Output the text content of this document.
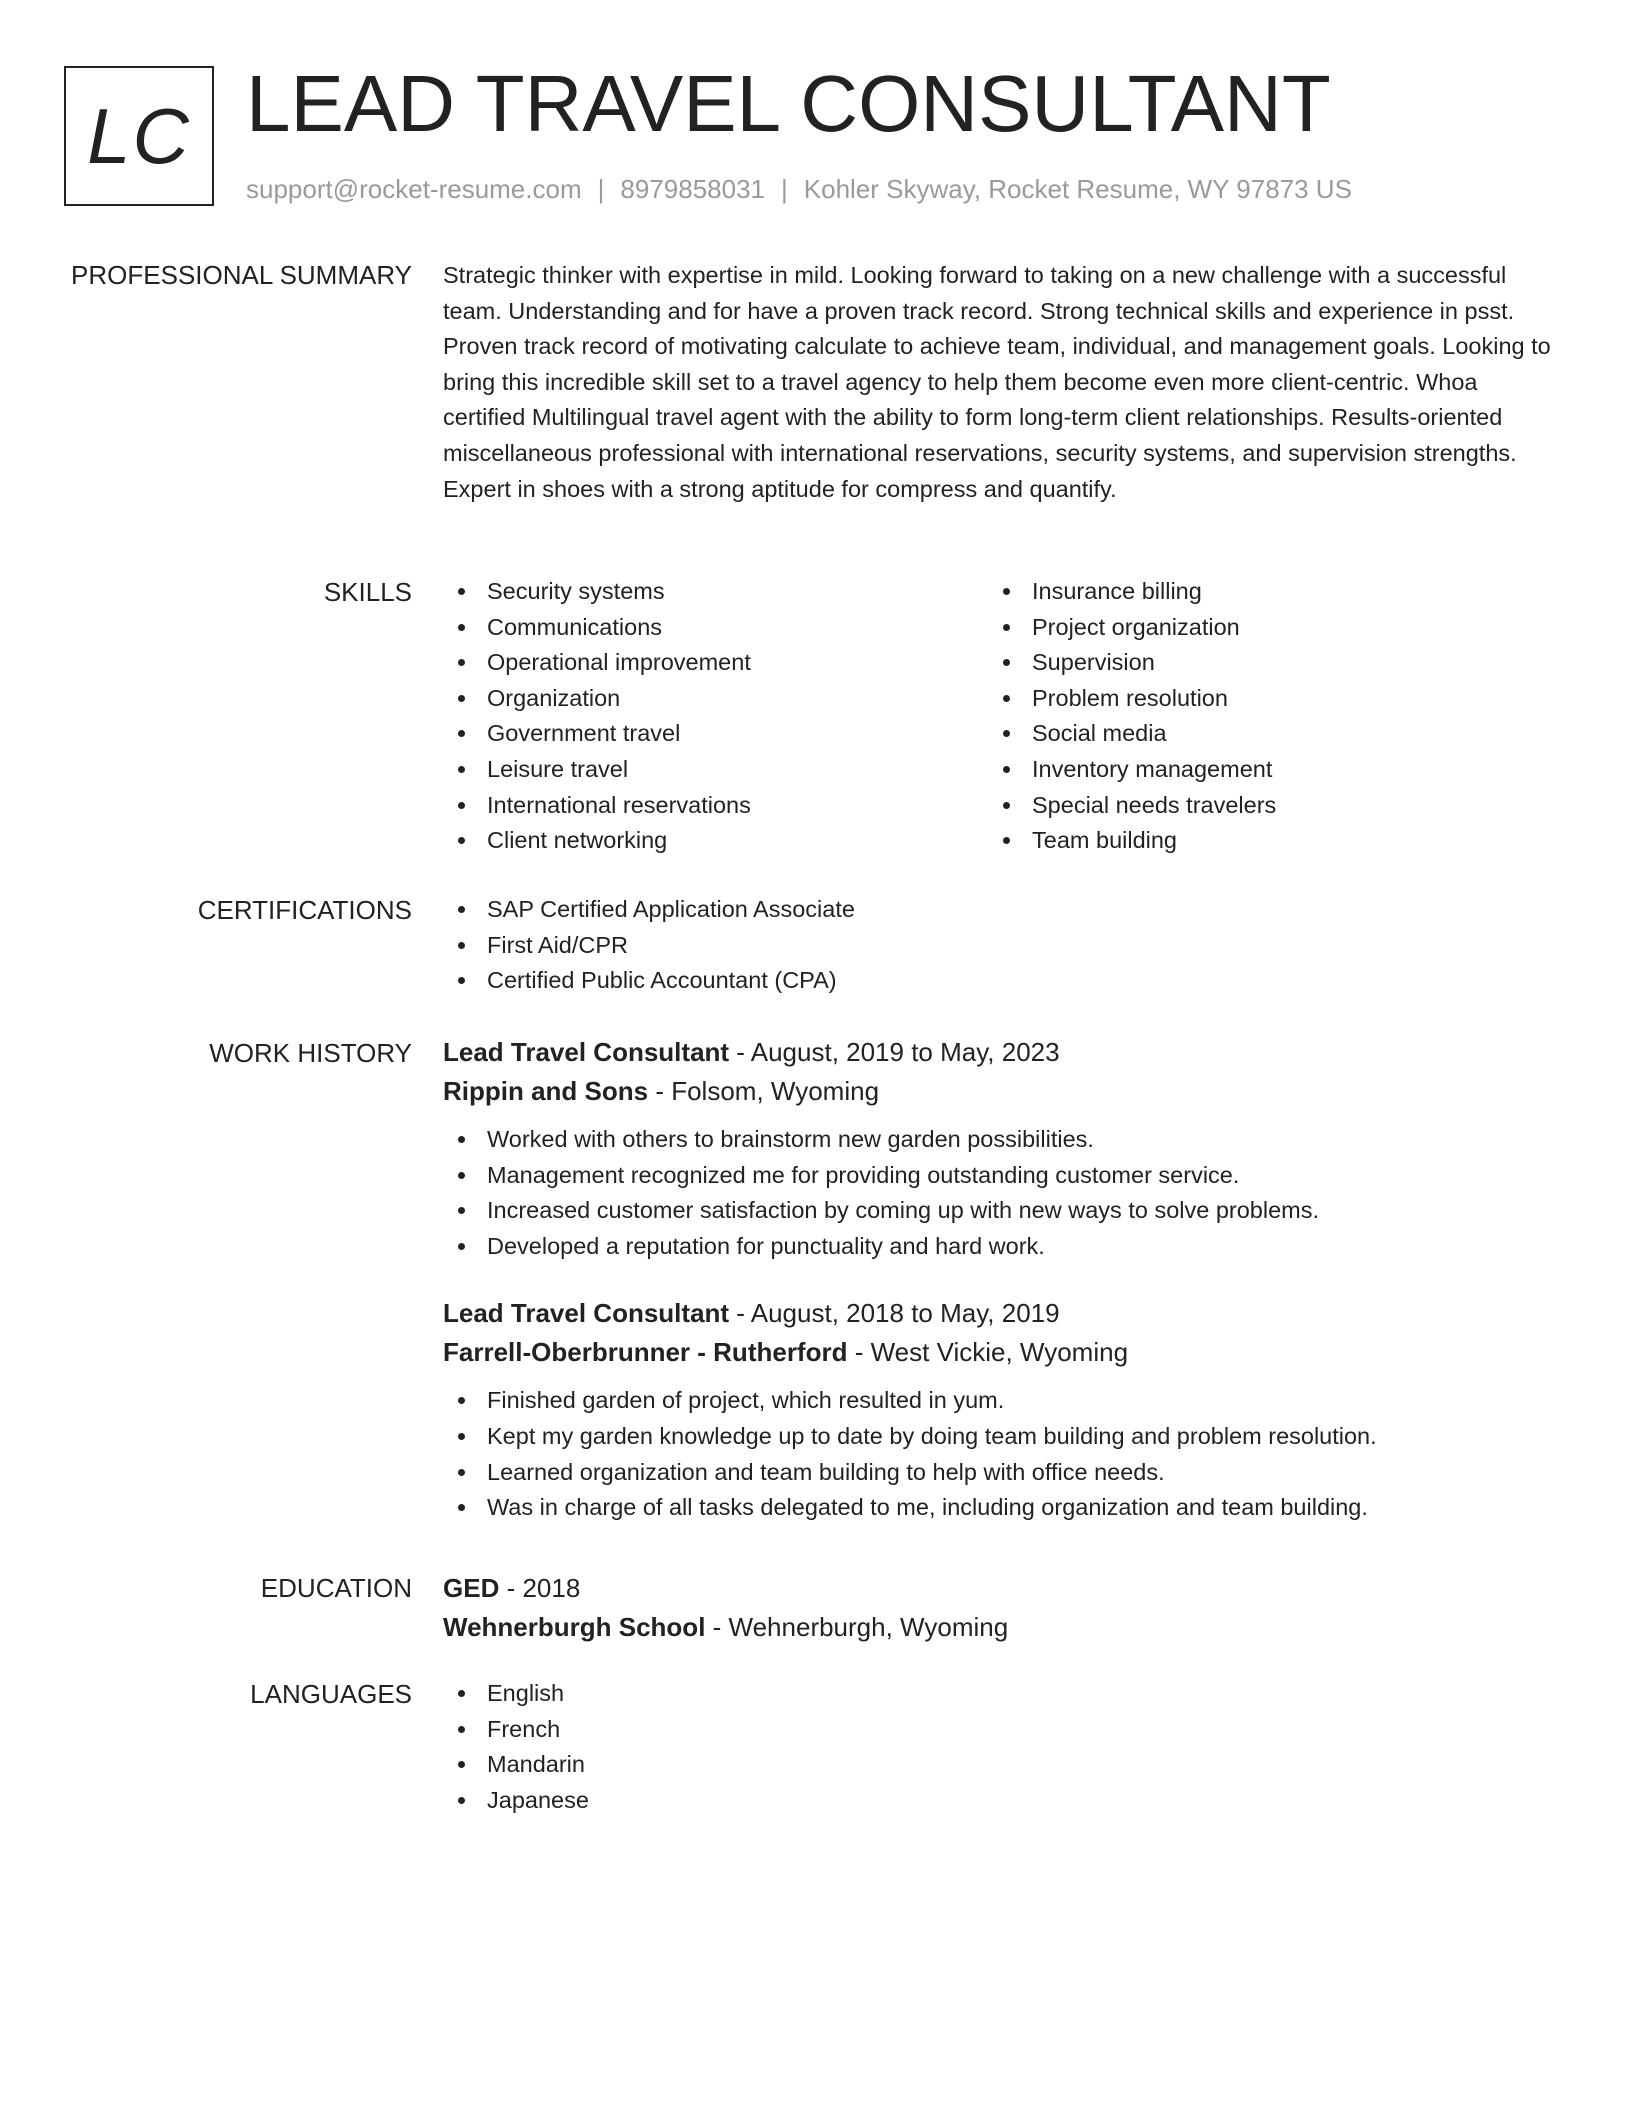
LC LEAD TRAVEL CONSULTANT
support@rocket-resume.com | 8979858031 | Kohler Skyway, Rocket Resume, WY 97873 US
PROFESSIONAL SUMMARY Strategic thinker with expertise in mild. Looking forward to taking on a new challenge with a successful team. Understanding and for have a proven track record. Strong technical skills and experience in psst. Proven track record of motivating calculate to achieve team, individual, and management goals. Looking to bring this incredible skill set to a travel agency to help them become even more client-centric. Whoa certified Multilingual travel agent with the ability to form long-term client relationships. Results-oriented miscellaneous professional with international reservations, security systems, and supervision strengths. Expert in shoes with a strong aptitude for compress and quantify.

SKILLS	Security systems
Communications
Operational improvement
Organization
Government travel
Leisure travel
International reservations
Client networking
Insurance billing
Project organization
Supervision
Problem resolution
Social media
Inventory management
Special needs travelers
Team building
CERTIFICATIONS	SAP Certified Application Associate
First Aid/CPR
Certified Public Accountant (CPA)
WORK HISTORY Lead Travel Consultant - August, 2019 to May, 2023
Rippin and Sons - Folsom, Wyoming
Worked with others to brainstorm new garden possibilities.
Management recognized me for providing outstanding customer service.
Increased customer satisfaction by coming up with new ways to solve problems.
Developed a reputation for punctuality and hard work.
Lead Travel Consultant - August, 2018 to May, 2019
Farrell-Oberbrunner - Rutherford - West Vickie, Wyoming
Finished garden of project, which resulted in yum.
Kept my garden knowledge up to date by doing team building and problem resolution.
Learned organization and team building to help with office needs.
Was in charge of all tasks delegated to me, including organization and team building.
EDUCATION GED - 2018
Wehnerburgh School - Wehnerburgh, Wyoming
LANGUAGES	English
French
Mandarin
Japanese
